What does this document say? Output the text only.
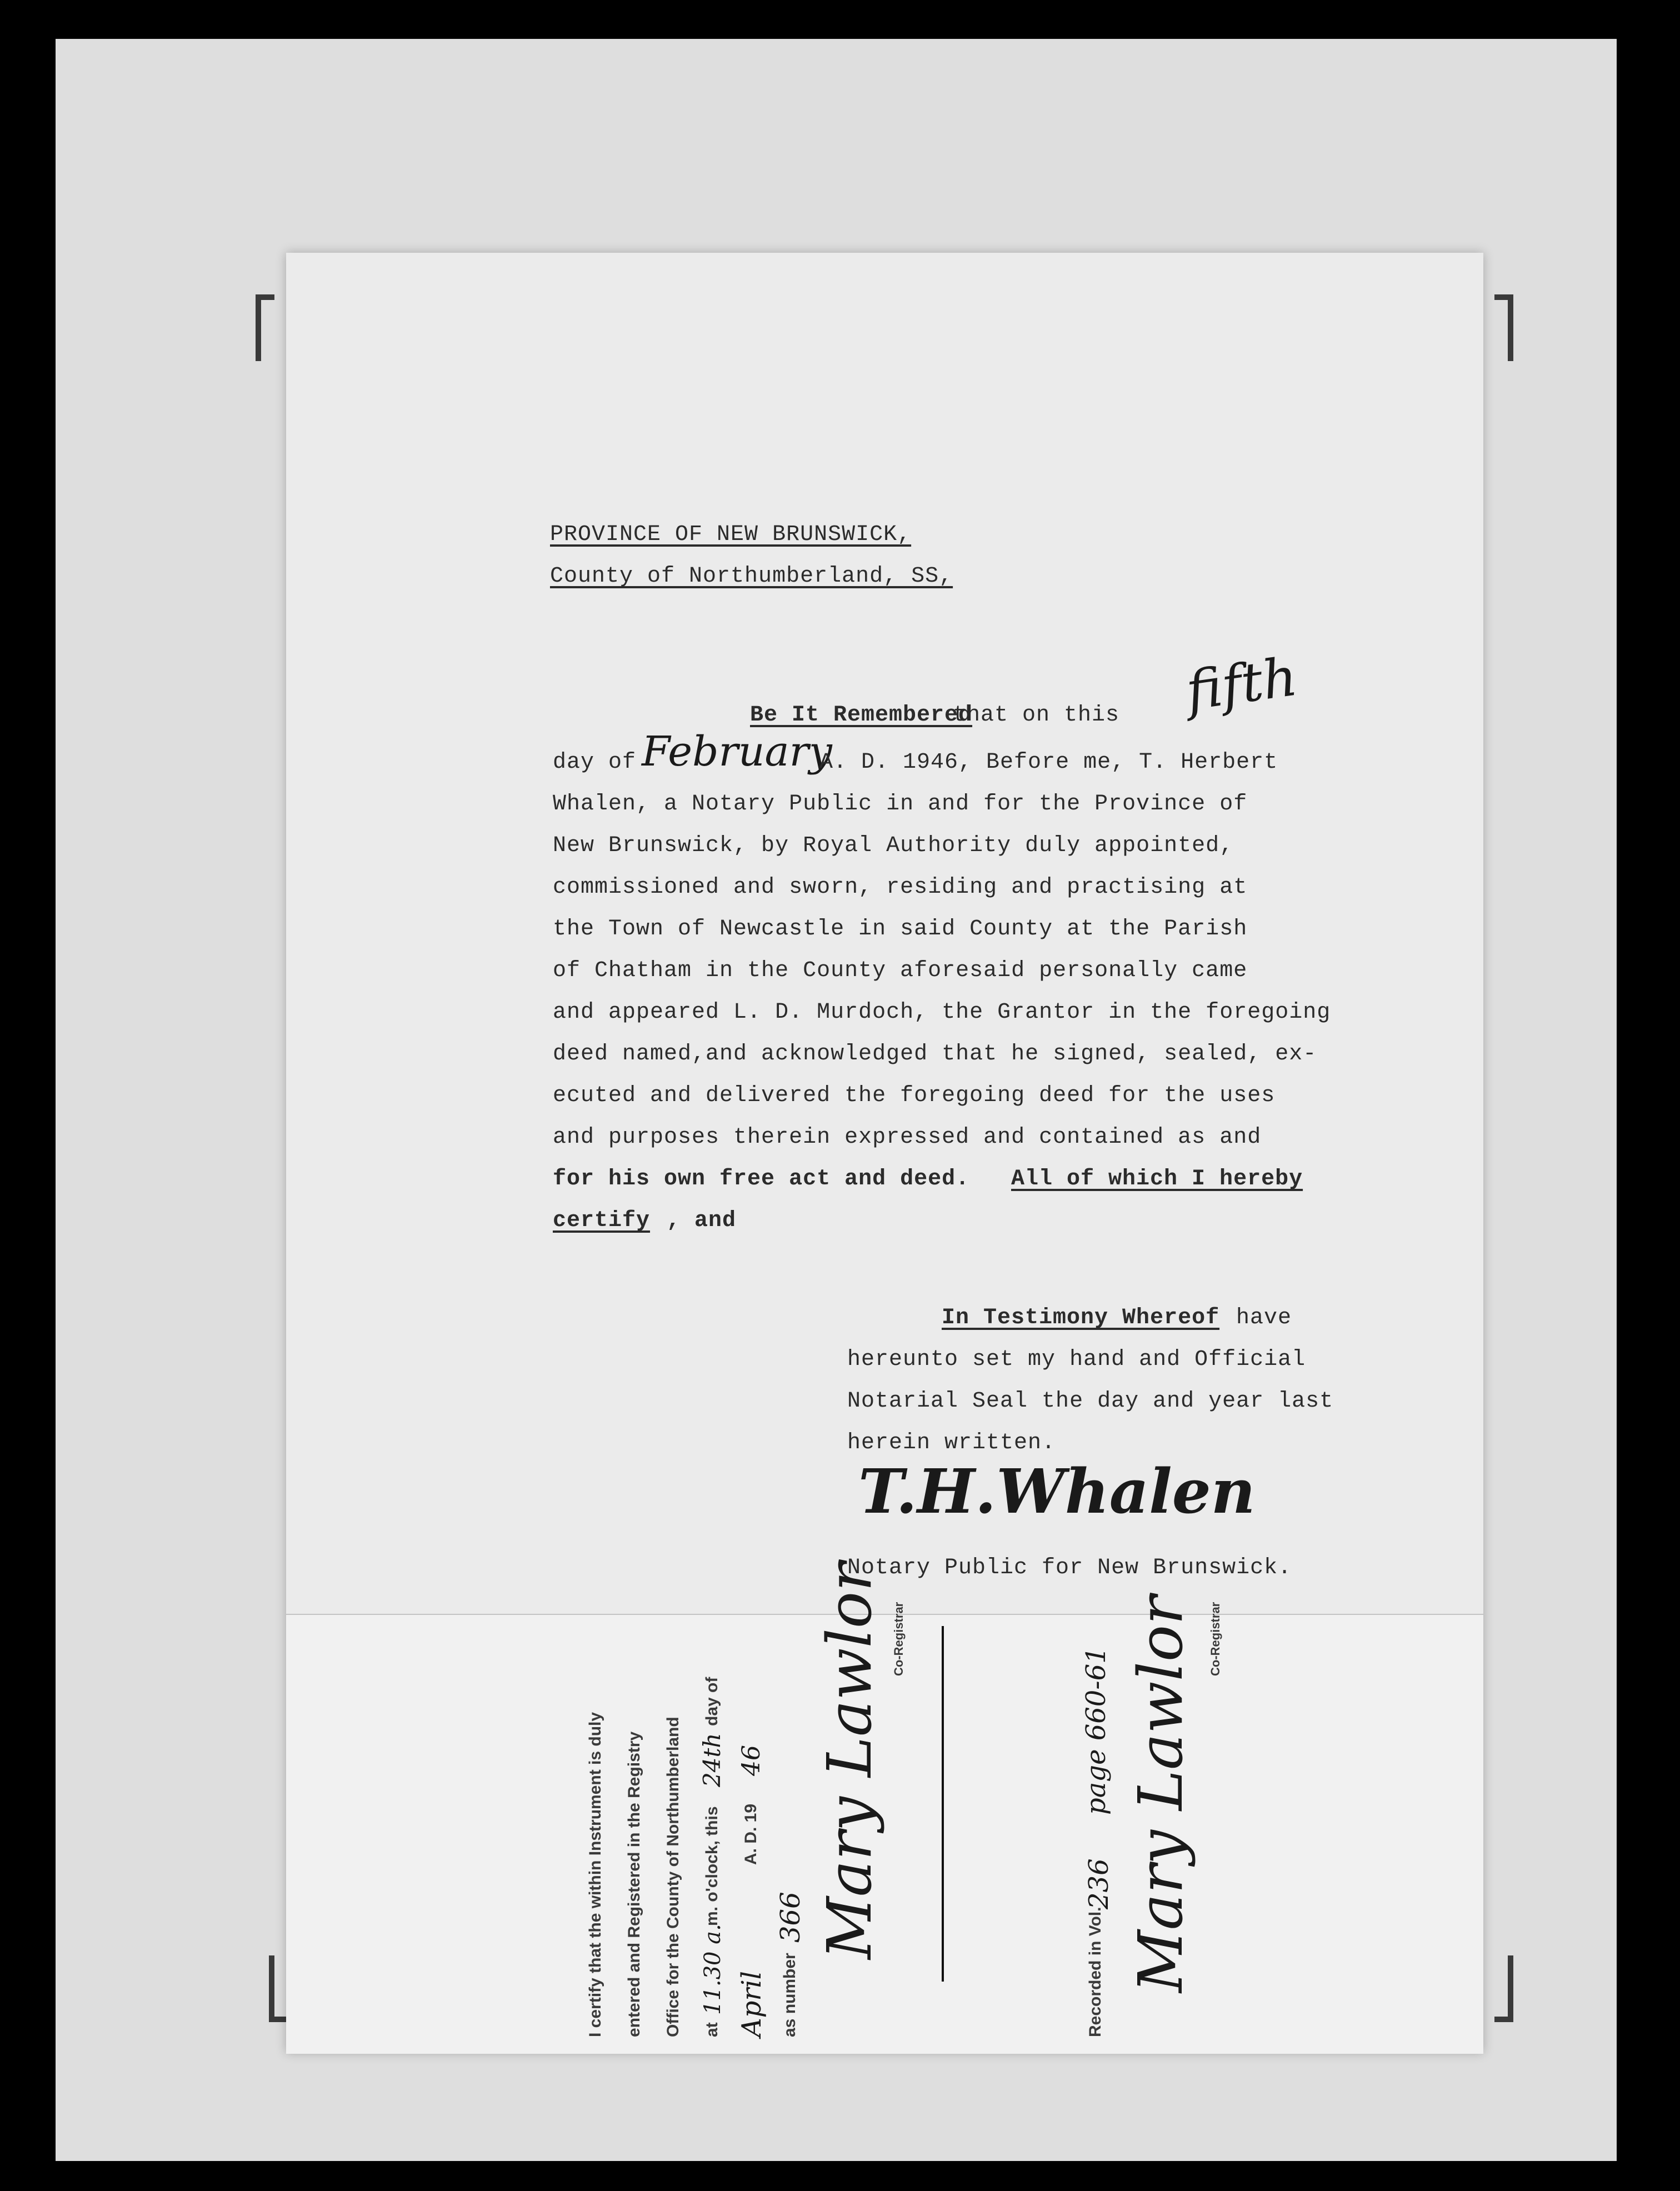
PROVINCE OF NEW BRUNSWICK,
County of Northumberland, SS,
Be It Remembered
that on this fifth
day of February
A. D. 1946, Before me, T. Herbert
Whalen, a Notary Public in and for the Province of
New Brunswick, by Royal Authority duly appointed,
commissioned and sworn, residing and practising at
the Town of Newcastle in said County at the Parish
of Chatham in the County aforesaid personally came
and appeared L. D. Murdoch, the Grantor in the foregoing
deed named,and acknowledged that he signed, sealed, ex-
ecuted and delivered the foregoing deed for the uses
and purposes therein expressed and contained as and
for his own free act and deed. All of which I hereby
certify , and
In Testimony Whereof have
hereunto set my hand and Official
Notarial Seal the day and year last
herein written.
T.H.Whalen
Notary Public for New Brunswick.
I certify that the within Instrument is duly entered and Registered in the Registry Office for the County of Northumberland at
11.30 a.
m. o'clock, this
24th
day of
April
A. D. 19
46
as number
366 Mary Lawlor Co-Registrar
Recorded in Vol.
236
page 660-61 Mary Lawlor Co-Registrar
